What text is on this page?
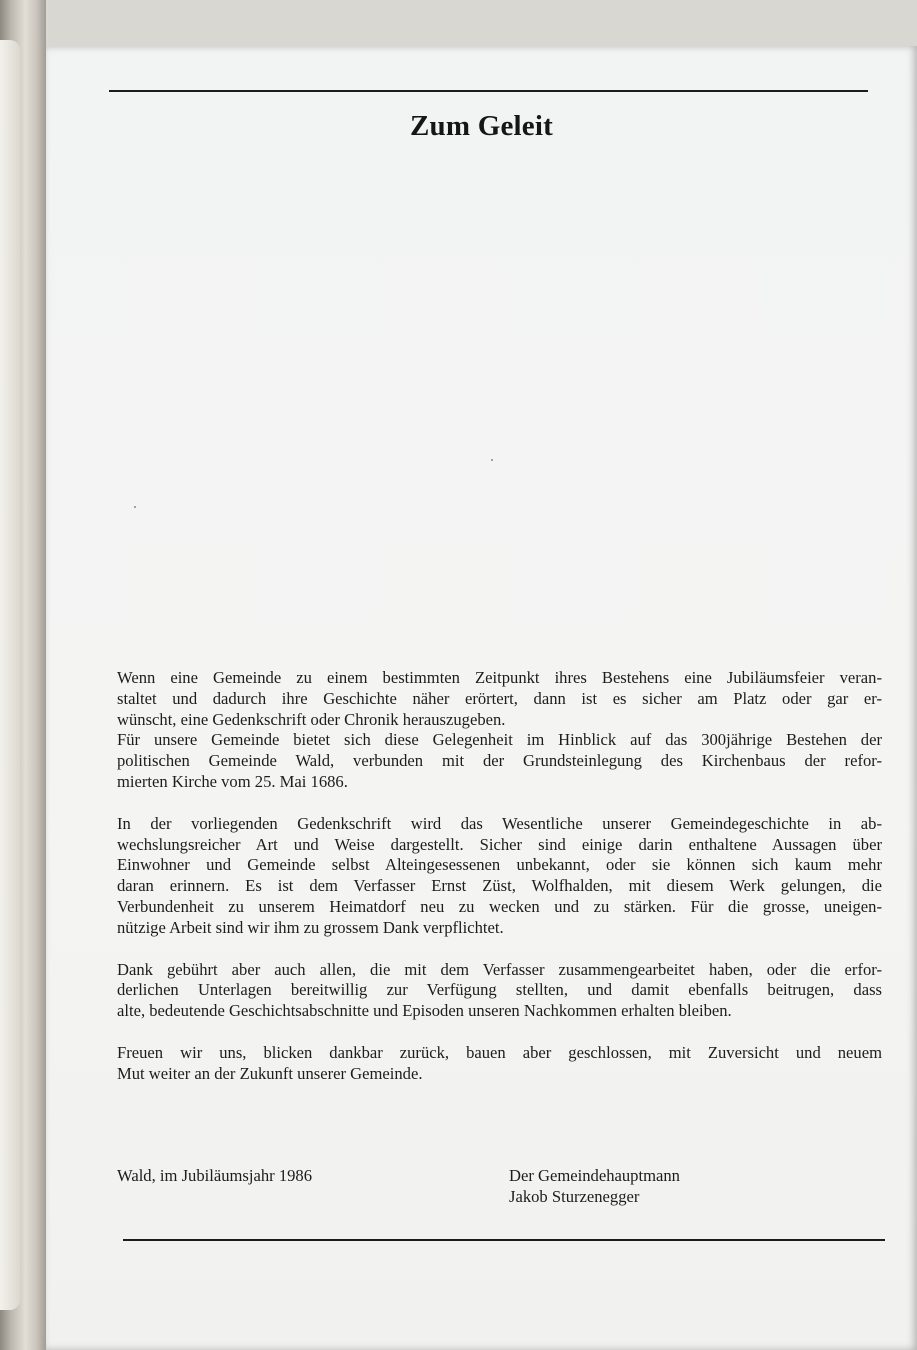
Zum Geleit

Wenn eine Gemeinde zu einem bestimmten Zeitpunkt ihres Bestehens eine Jubiläumsfeier veran-
staltet und dadurch ihre Geschichte näher erörtert, dann ist es sicher am Platz oder gar er-
wünscht, eine Gedenkschrift oder Chronik herauszugeben.
Für unsere Gemeinde bietet sich diese Gelegenheit im Hinblick auf das 300jährige Bestehen der
politischen Gemeinde Wald, verbunden mit der Grundsteinlegung des Kirchenbaus der refor-
mierten Kirche vom 25. Mai 1686.

In der vorliegenden Gedenkschrift wird das Wesentliche unserer Gemeindegeschichte in ab-
wechslungsreicher Art und Weise dargestellt. Sicher sind einige darin enthaltene Aussagen über
Einwohner und Gemeinde selbst Alteingesessenen unbekannt, oder sie können sich kaum mehr
daran erinnern. Es ist dem Verfasser Ernst Züst, Wolfhalden, mit diesem Werk gelungen, die
Verbundenheit zu unserem Heimatdorf neu zu wecken und zu stärken. Für die grosse, uneigen-
nützige Arbeit sind wir ihm zu grossem Dank verpflichtet.

Dank gebührt aber auch allen, die mit dem Verfasser zusammengearbeitet haben, oder die erfor-
derlichen Unterlagen bereitwillig zur Verfügung stellten, und damit ebenfalls beitrugen, dass
alte, bedeutende Geschichtsabschnitte und Episoden unseren Nachkommen erhalten bleiben.

Freuen wir uns, blicken dankbar zurück, bauen aber geschlossen, mit Zuversicht und neuem
Mut weiter an der Zukunft unserer Gemeinde.

Wald, im Jubiläumsjahr 1986	Der Gemeindehauptmann
Jakob Sturzenegger
